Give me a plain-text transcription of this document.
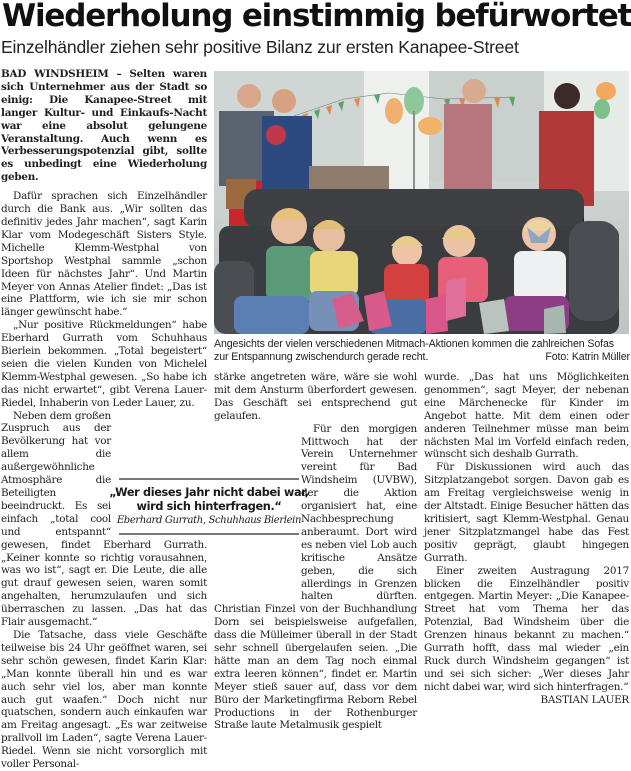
Wiederholung einstimmig befürwortet
Einzelhändler ziehen sehr positive Bilanz zur ersten Kanapee-Street

BAD WINDSHEIM – Selten waren sich Unternehmer aus der Stadt so einig: Die Kanapee-Street mit langer Kultur- und Einkaufs-Nacht war eine absolut gelungene Veranstaltung. Auch wenn es Verbesserungspotenzial gibt, sollte es unbedingt eine Wiederholung geben.

Dafür sprachen sich Einzelhändler durch die Bank aus. „Wir sollten das definitiv jedes Jahr machen“, sagt Karin Klar vom Modegeschäft Sisters Style. Michelle Klemm-Westphal von Sportshop Westphal sammle „schon Ideen für nächstes Jahr“. Und Martin Meyer von Annas Atelier findet: „Das ist eine Plattform, wie ich sie mir schon länger gewünscht habe.“

„Nur positive Rückmeldungen“ habe Eberhard Gurrath vom Schuhhaus Bierlein bekommen. „Total begeistert“ seien die vielen Kunden von Michelel Klemm-Westphal gewesen. „So habe ich das nicht erwartet“, gibt Verena Lauer-Riedel, Inhaberin von Leder Lauer, zu.

Neben dem großen Zuspruch aus der Bevölkerung hat vor allem die außergewöhnliche Atmosphäre die Beteiligten beeindruckt. Es sei einfach „total cool und entspannt“ gewesen, findet Eberhard Gurrath. „Keiner konnte so richtig vorausahnen, was wo ist“, sagt er. Die Leute, die alle gut drauf gewesen seien, waren somit angehalten, herumzulaufen und sich überraschen zu lassen. „Das hat das Flair ausgemacht.“

Die Tatsache, dass viele Geschäfte teilweise bis 24 Uhr geöffnet waren, sei sehr schön gewesen, findet Karin Klar: „Man konnte überall hin und es war auch sehr viel los, aber man konnte auch gut waafen.“ Doch nicht nur quatschen, sondern auch einkaufen war am Freitag angesagt. „Es war zeitweise prallvoll im Laden“, sagte Verena Lauer-Riedel. Wenn sie nicht vorsorglich mit voller Personal-

Angesichts der vielen verschiedenen Mitmach-Aktionen kommen die zahlreichen Sofas zur Entspannung zwischendurch gerade recht.	Foto: Katrin Müller

stärke angetreten wäre, wäre sie wohl mit dem Ansturm überfordert gewesen. Das Geschäft sei entsprechend gut gelaufen.

Für den morgigen Mittwoch hat der Verein Unternehmer vereint für Bad Windsheim (UVBW), der die Aktion organisiert hat, eine Nachbesprechung anberaumt. Dort wird es neben viel Lob auch kritische Ansätze geben, die sich allerdings in Grenzen halten dürften. Christian Finzel von der Buchhandlung Dorn sei beispielsweise aufgefallen, dass die Mülleimer überall in der Stadt sehr schnell übergelaufen seien. „Die hätte man an dem Tag noch einmal extra leeren können“, findet er. Martin Meyer stieß sauer auf, dass vor dem Büro der Marketingfirma Reborn Rebel Productions in der Rothenburger Straße laute Metalmusik gespielt

„Wer dieses Jahr nicht dabei war, wird sich hinterfragen.“
Eberhard Gurrath, Schuhhaus Bierlein

wurde. „Das hat uns Möglichkeiten genommen“, sagt Meyer, der nebenan eine Märchenecke für Kinder im Angebot hatte. Mit dem einen oder anderen Teilnehmer müsse man beim nächsten Mal im Vorfeld einfach reden, wünscht sich deshalb Gurrath.

Für Diskussionen wird auch das Sitzplatzangebot sorgen. Davon gab es am Freitag vergleichsweise wenig in der Altstadt. Einige Besucher hätten das kritisiert, sagt Klemm-Westphal. Genau jener Sitzplatzmangel habe das Fest positiv geprägt, glaubt hingegen Gurrath.

Einer zweiten Austragung 2017 blicken die Einzelhändler positiv entgegen. Martin Meyer: „Die Kanapee-Street hat vom Thema her das Potenzial, Bad Windsheim über die Grenzen hinaus bekannt zu machen.“ Gurrath hofft, dass mal wieder „ein Ruck durch Windsheim gegangen“ ist und sei sich sicher: „Wer dieses Jahr nicht dabei war, wird sich hinterfragen.“
BASTIAN LAUER
